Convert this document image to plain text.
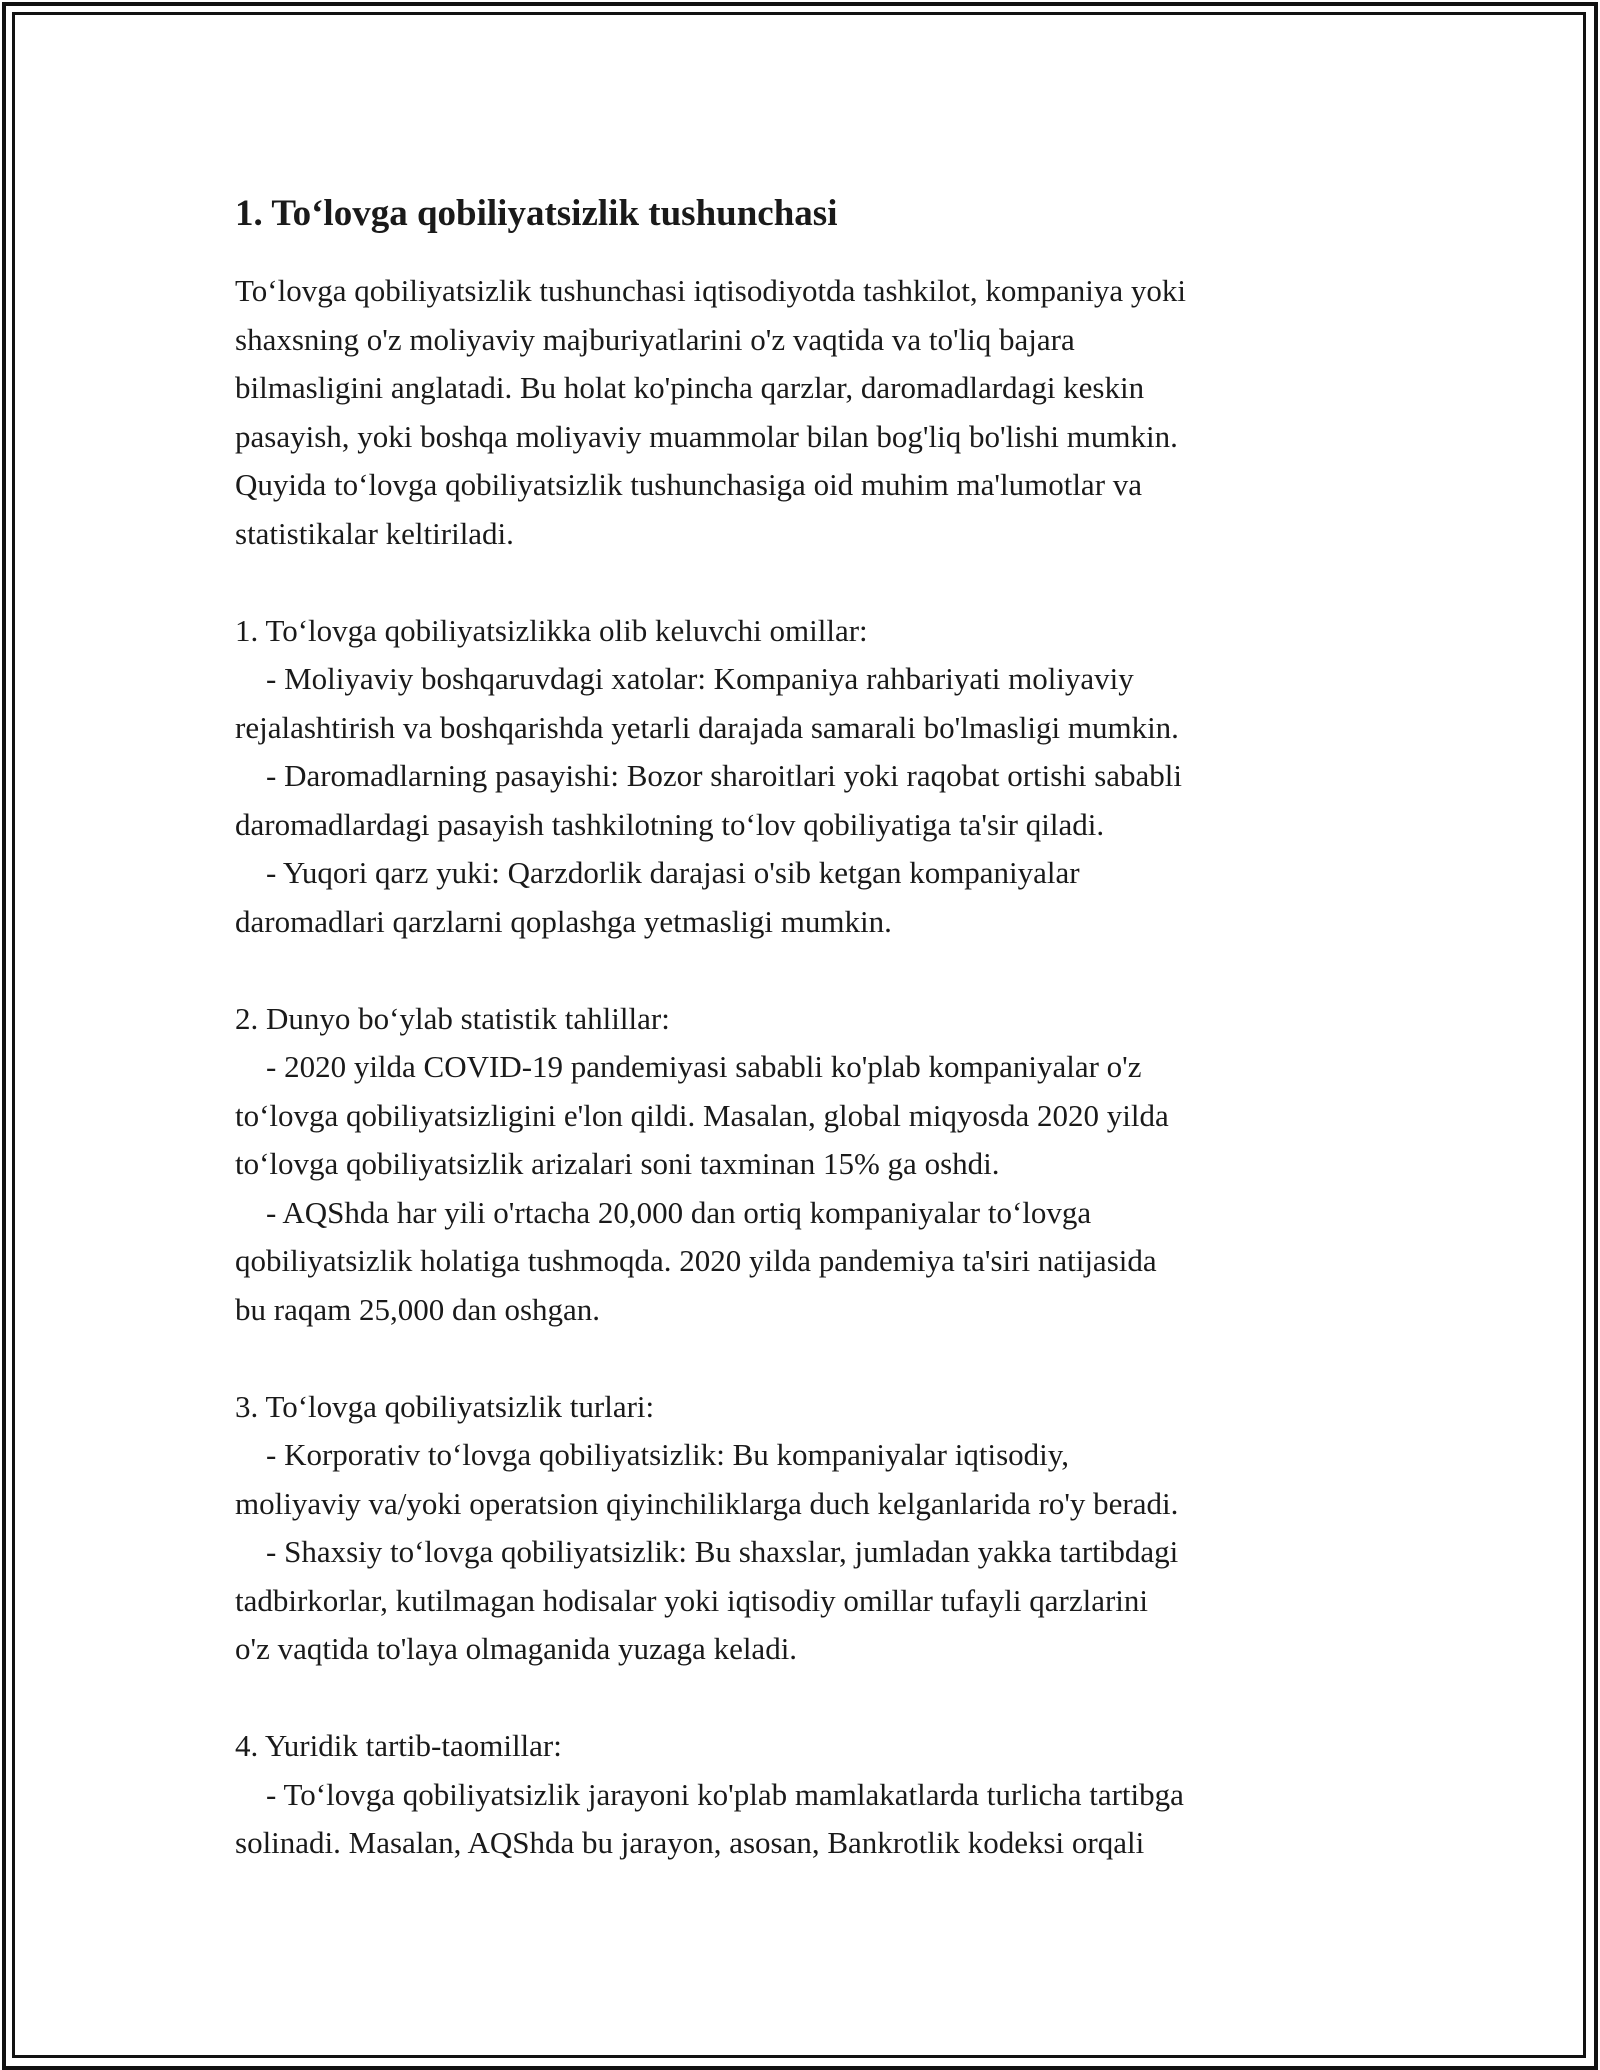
1. To‘lovga qobiliyatsizlik tushunchasi
To‘lovga qobiliyatsizlik tushunchasi iqtisodiyotda tashkilot, kompaniya yoki
shaxsning o'z moliyaviy majburiyatlarini o'z vaqtida va to'liq bajara
bilmasligini anglatadi. Bu holat ko'pincha qarzlar, daromadlardagi keskin
pasayish, yoki boshqa moliyaviy muammolar bilan bog'liq bo'lishi mumkin.
Quyida to‘lovga qobiliyatsizlik tushunchasiga oid muhim ma'lumotlar va
statistikalar keltiriladi.
1. To‘lovga qobiliyatsizlikka olib keluvchi omillar:
- Moliyaviy boshqaruvdagi xatolar: Kompaniya rahbariyati moliyaviy
rejalashtirish va boshqarishda yetarli darajada samarali bo'lmasligi mumkin.
- Daromadlarning pasayishi: Bozor sharoitlari yoki raqobat ortishi sababli
daromadlardagi pasayish tashkilotning to‘lov qobiliyatiga ta'sir qiladi.
- Yuqori qarz yuki: Qarzdorlik darajasi o'sib ketgan kompaniyalar
daromadlari qarzlarni qoplashga yetmasligi mumkin.
2. Dunyo bo‘ylab statistik tahlillar:
- 2020 yilda COVID-19 pandemiyasi sababli ko'plab kompaniyalar o'z
to‘lovga qobiliyatsizligini e'lon qildi. Masalan, global miqyosda 2020 yilda
to‘lovga qobiliyatsizlik arizalari soni taxminan 15% ga oshdi.
- AQShda har yili o'rtacha 20,000 dan ortiq kompaniyalar to‘lovga
qobiliyatsizlik holatiga tushmoqda. 2020 yilda pandemiya ta'siri natijasida
bu raqam 25,000 dan oshgan.
3. To‘lovga qobiliyatsizlik turlari:
- Korporativ to‘lovga qobiliyatsizlik: Bu kompaniyalar iqtisodiy,
moliyaviy va/yoki operatsion qiyinchiliklarga duch kelganlarida ro'y beradi.
- Shaxsiy to‘lovga qobiliyatsizlik: Bu shaxslar, jumladan yakka tartibdagi
tadbirkorlar, kutilmagan hodisalar yoki iqtisodiy omillar tufayli qarzlarini
o'z vaqtida to'laya olmaganida yuzaga keladi.
4. Yuridik tartib-taomillar:
- To‘lovga qobiliyatsizlik jarayoni ko'plab mamlakatlarda turlicha tartibga
solinadi. Masalan, AQShda bu jarayon, asosan, Bankrotlik kodeksi orqali
